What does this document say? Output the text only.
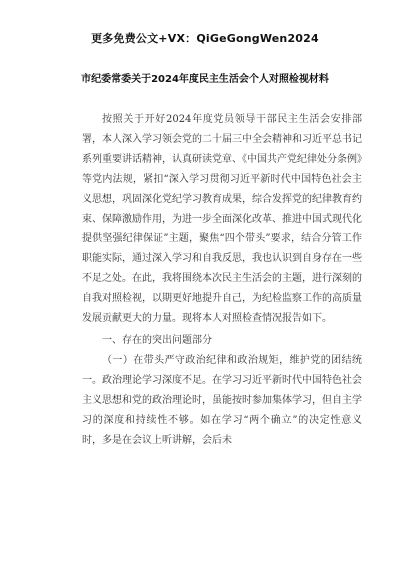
更多免费公文+VX：QiGeGongWen2024
市纪委常委关于2024年度民主生活会个人对照检视材料

按照关于开好2024年度党员领导干部民主生活会安排部署，本人深入学习领会党的二十届三中全会精神和习近平总书记系列重要讲话精神，认真研读党章、《中国共产党纪律处分条例》等党内法规，紧扣“深入学习贯彻习近平新时代中国特色社会主义思想，巩固深化党纪学习教育成果，综合发挥党的纪律教育约束、保障激励作用，为进一步全面深化改革、推进中国式现代化提供坚强纪律保证”主题，聚焦“四个带头”要求，结合分管工作职能实际，通过深入学习和自我反思，我也认识到自身存在一些不足之处。在此，我将围绕本次民主生活会的主题，进行深刻的自我对照检视，以期更好地提升自己，为纪检监察工作的高质量发展贡献更大的力量。现将本人对照检查情况报告如下。

一、存在的突出问题部分

（一）在带头严守政治纪律和政治规矩，维护党的团结统一。政治理论学习深度不足。在学习习近平新时代中国特色社会主义思想和党的政治理论时，虽能按时参加集体学习，但自主学习的深度和持续性不够。如在学习“两个确立”的决定性意义时，多是在会议上听讲解，会后未
